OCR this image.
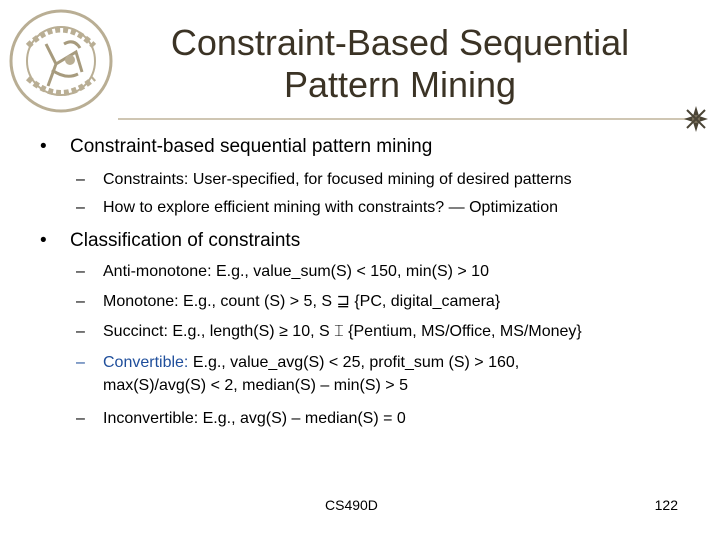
Constraint-Based Sequential
Pattern Mining
• Constraint-based sequential pattern mining
– Constraints: User-specified, for focused mining of desired patterns
– How to explore efficient mining with constraints? — Optimization
• Classification of constraints
– Anti-monotone: E.g., value_sum(S) < 150, min(S) > 10
– Monotone: E.g., count (S) > 5, S ⊒ {PC, digital_camera}
– Succinct: E.g., length(S) ≥ 10, S ⌶ {Pentium, MS/Office, MS/Money}
– Convertible: E.g., value_avg(S) < 25, profit_sum (S) > 160,
max(S)/avg(S) < 2, median(S) – min(S) > 5
– Inconvertible: E.g., avg(S) – median(S) = 0
CS490D	122
